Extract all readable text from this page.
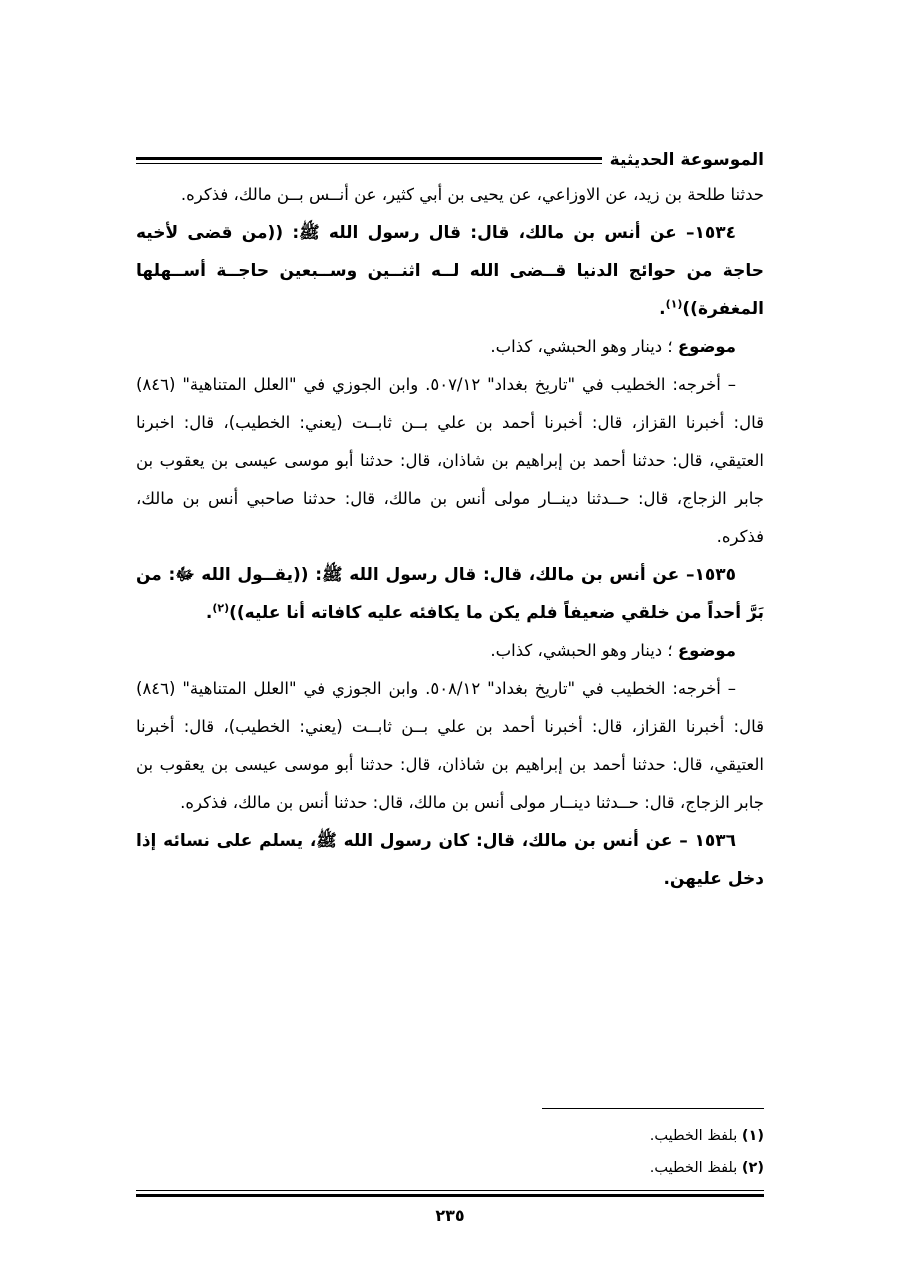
الموسوعة الحديثية

حدثنا طلحة بن زيد، عن الاوزاعي، عن يحيى بن أبي كثير، عن أنــس بــن مالك، فذكره.

١٥٣٤– عن أنس بن مالك، قال: قال رسول الله ﷺ: ((من قضى لأخيه حاجة من حوائج الدنيا قــضى الله لــه اثنــين وســبعين حاجــة أســهلها المغفرة))$^{(١)}$.

موضوع ؛ دينار وهو الحبشي، كذاب.

– أخرجه: الخطيب في "تاريخ بغداد" ٥٠٧/١٢. وابن الجوزي في "العلل المتناهية" (٨٤٦) قال: أخبرنا القزاز، قال: أخبرنا أحمد بن علي بــن ثابــت (يعني: الخطيب)، قال: اخبرنا العتيقي، قال: حدثنا أحمد بن إبراهيم بن شاذان، قال: حدثنا أبو موسى عيسى بن يعقوب بن جابر الزجاج، قال: حــدثنا دينــار مولى أنس بن مالك، قال: حدثنا صاحبي أنس بن مالك، فذكره.

١٥٣٥– عن أنس بن مالك، قال: قال رسول الله ﷺ: ((يقــول الله ﷻ: من بَرَّ أحداً من خلقي ضعيفاً فلم يكن ما يكافئه عليه كافاته أنا عليه))$^{(٢)}$.

موضوع ؛ دينار وهو الحبشي، كذاب.

– أخرجه: الخطيب في "تاريخ بغداد" ٥٠٨/١٢. وابن الجوزي في "العلل المتناهية" (٨٤٦) قال: أخبرنا القزاز، قال: أخبرنا أحمد بن علي بــن ثابــت (يعني: الخطيب)، قال: أخبرنا العتيقي، قال: حدثنا أحمد بن إبراهيم بن شاذان، قال: حدثنا أبو موسى عيسى بن يعقوب بن جابر الزجاج، قال: حــدثنا دينــار مولى أنس بن مالك، قال: حدثنا أنس بن مالك، فذكره.

١٥٣٦ – عن أنس بن مالك، قال: كان رسول الله ﷺ، يسلم على نسائه إذا دخل عليهن.

(١) بلفظ الخطيب.

(٢) بلفظ الخطيب.

٢٣٥
